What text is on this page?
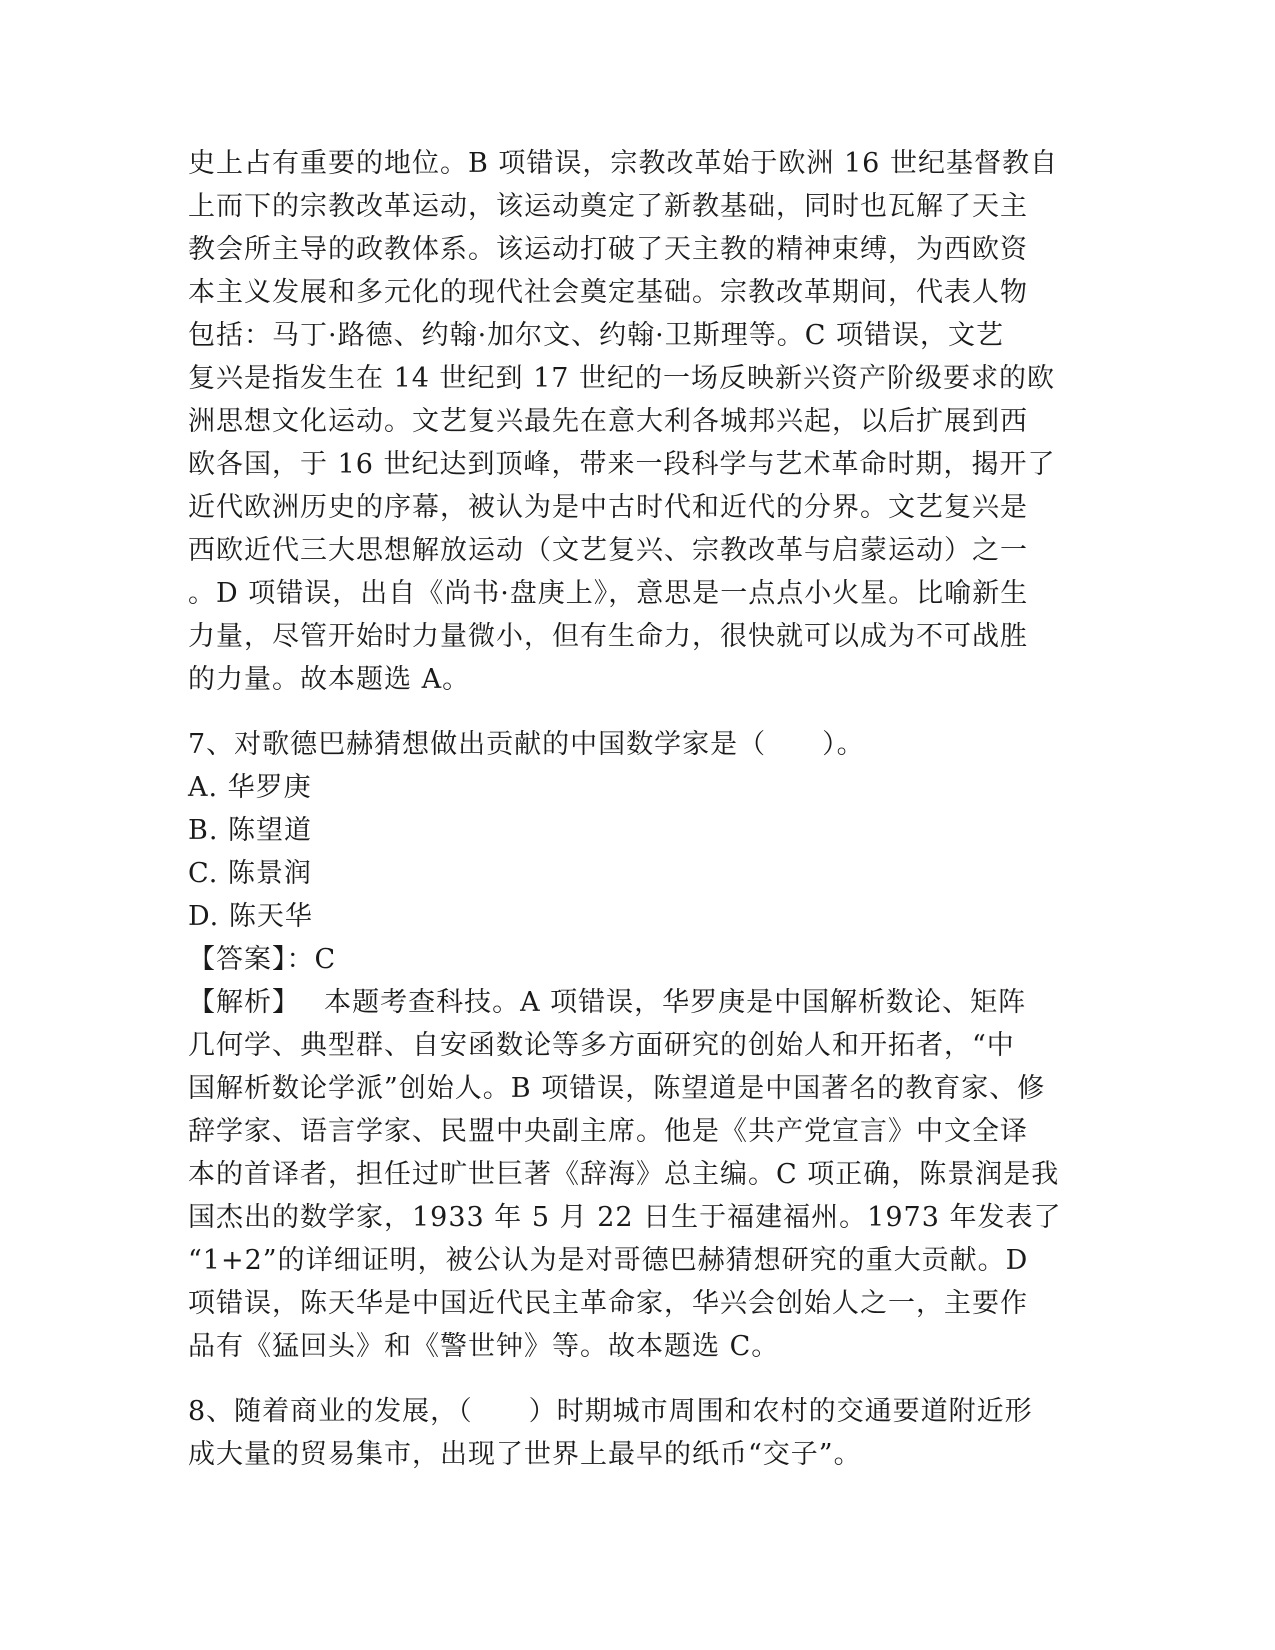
史上占有重要的地位。B 项错误，宗教改革始于欧洲 16 世纪基督教自
上而下的宗教改革运动，该运动奠定了新教基础，同时也瓦解了天主
教会所主导的政教体系。该运动打破了天主教的精神束缚，为西欧资
本主义发展和多元化的现代社会奠定基础。宗教改革期间，代表人物
包括：马丁·路德、约翰·加尔文、约翰·卫斯理等。C 项错误，文艺
复兴是指发生在 14 世纪到 17 世纪的一场反映新兴资产阶级要求的欧
洲思想文化运动。文艺复兴最先在意大利各城邦兴起，以后扩展到西
欧各国，于 16 世纪达到顶峰，带来一段科学与艺术革命时期，揭开了
近代欧洲历史的序幕，被认为是中古时代和近代的分界。文艺复兴是
西欧近代三大思想解放运动（文艺复兴、宗教改革与启蒙运动）之一
。D 项错误，出自《尚书·盘庚上》，意思是一点点小火星。比喻新生
力量，尽管开始时力量微小，但有生命力，很快就可以成为不可战胜
的力量。故本题选 A。
7、对歌德巴赫猜想做出贡献的中国数学家是（　　）。
A. 华罗庚
B. 陈望道
C. 陈景润
D. 陈天华
【答案】：C
【解析】　 本题考查科技。A 项错误，华罗庚是中国解析数论、矩阵
几何学、典型群、自安函数论等多方面研究的创始人和开拓者，“中
国解析数论学派”创始人。B 项错误，陈望道是中国著名的教育家、修
辞学家、语言学家、民盟中央副主席。他是《共产党宣言》中文全译
本的首译者，担任过旷世巨著《辞海》总主编。C 项正确，陈景润是我
国杰出的数学家，1933 年 5 月 22 日生于福建福州。1973 年发表了
“1+2”的详细证明，被公认为是对哥德巴赫猜想研究的重大贡献。D
项错误，陈天华是中国近代民主革命家，华兴会创始人之一，主要作
品有《猛回头》和《警世钟》等。故本题选 C。
8、随着商业的发展，（　　）时期城市周围和农村的交通要道附近形
成大量的贸易集市，出现了世界上最早的纸币“交子”。
